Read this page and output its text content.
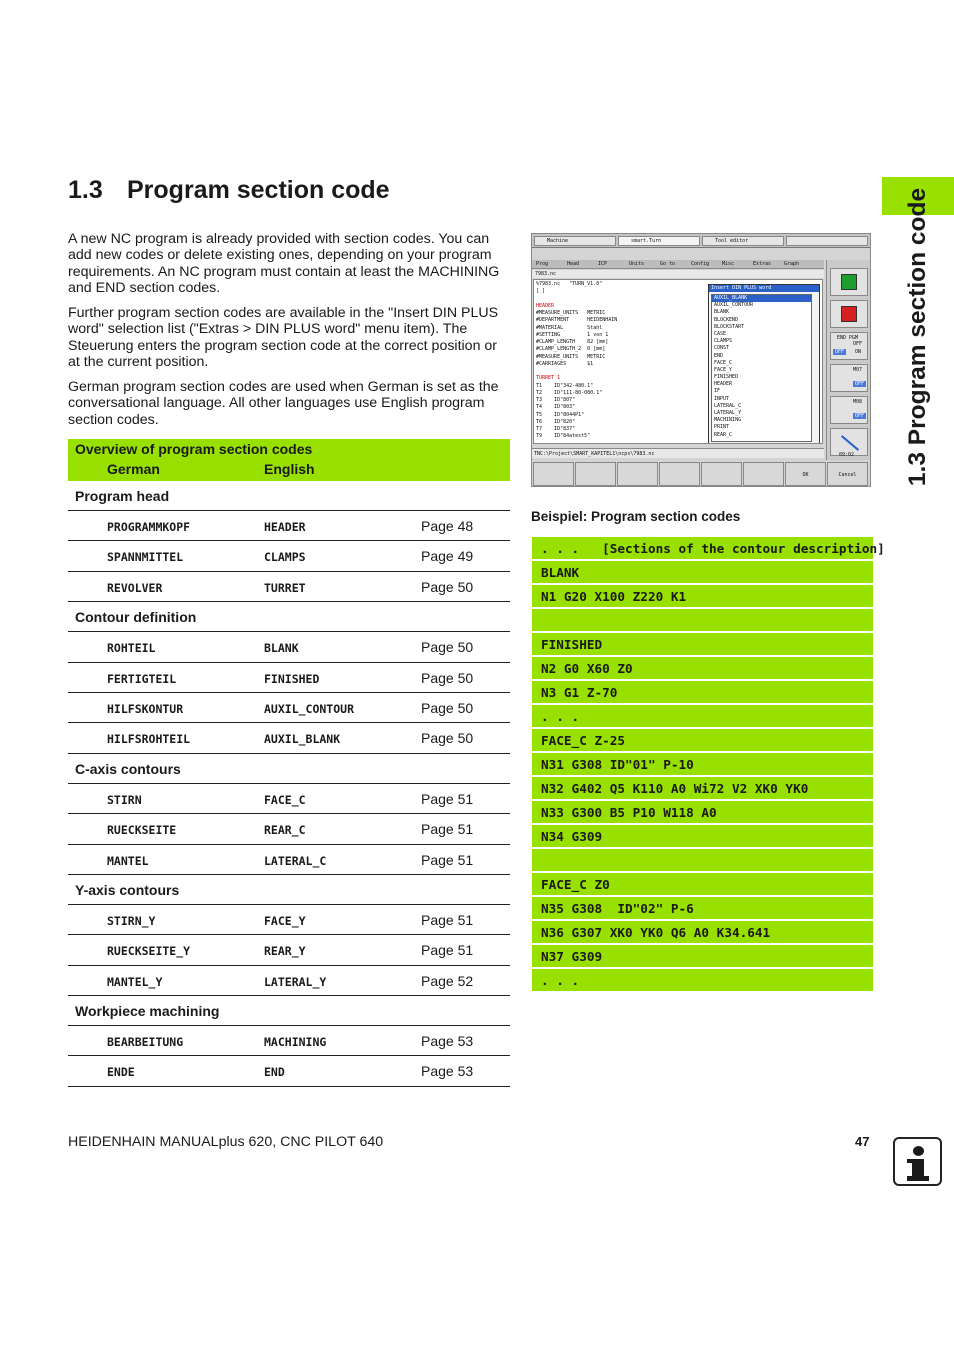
1.3 Program section code

A new NC program is already provided with section codes. You can add new codes or delete existing ones, depending on your program requirements. An NC program must contain at least the MACHINING and END section codes.

Further program section codes are available in the "Insert DIN PLUS word" selection list ("Extras > DIN PLUS word" menu item). The Steuerung enters the program section code at the correct position or at the current position.

German program section codes are used when German is set as the conversational language. All other languages use English program section codes.

Overview of program section codes
German	English
Program head
PROGRAMMKOPF	HEADER	Page 48
SPANNMITTEL	CLAMPS	Page 49
REVOLVER	TURRET	Page 50
Contour definition
ROHTEIL	BLANK	Page 50
FERTIGTEIL	FINISHED	Page 50
HILFSKONTUR	AUXIL_CONTOUR	Page 50
HILFSROHTEIL	AUXIL_BLANK	Page 50
C-axis contours
STIRN	FACE_C	Page 51
RUECKSEITE	REAR_C	Page 51
MANTEL	LATERAL_C	Page 51
Y-axis contours
STIRN_Y	FACE_Y	Page 51
RUECKSEITE_Y	REAR_Y	Page 51
MANTEL_Y	LATERAL_Y	Page 52
Workpiece machining
BEARBEITUNG	MACHINING	Page 53
ENDE	END	Page 53
Machine	smart.Turn	Tool editor
Prog	Head	ICP	Units	Go to	Config	Misc	Extras	Graph
7983.nc
%7983.nc   "TURN_V1.0"
[ ]
HEADER
#MEASURE_UNITS   METRIC
#DEPARTMENT      HEIDENHAIN
#MATERIAL        Stahl
#SETTING         1 von 1
#CLAMP_LENGTH    82 [mm]
#CLAMP_LENGTH_2  0 [mm]
#MEASURE_UNITS   METRIC
#CARRIAGES       $1
TURRET 1
T1    ID"342-480.1"
T2    ID"111-80-080.1"
T3    ID"807"
T4    ID"803"
T5    ID"8044P1"
T6    ID"820"
T7    ID"837"
T9    ID"84atest5"
Insert DIN PLUS word
AUXIL_BLANK
AUXIL_CONTOUR
BLANK
BLOCKEND
BLOCKSTART
CASE
CLAMPS
CONST
END
FACE_C
FACE_Y
FINISHED
HEADER
IF
INPUT
LATERAL_C
LATERAL_Y
MACHINING
PRINT
REAR_C
TNC:\Project\SMART_KAPITEL1\ncps\7983.nc
OK	Cancel
END PGM
OFF
OFF	ON
M07
OFF
M08
OFF
09:02
Beispiel: Program section codes
. . .   [Sections of the contour description]
BLANK
N1 G20 X100 Z220 K1
FINISHED
N2 G0 X60 Z0
N3 G1 Z-70
. . .
FACE_C Z-25
N31 G308 ID"01" P-10
N32 G402 Q5 K110 A0 Wi72 V2 XK0 YK0
N33 G300 B5 P10 W118 A0
N34 G309
FACE_C Z0
N35 G308  ID"02" P-6
N36 G307 XK0 YK0 Q6 A0 K34.641
N37 G309
. . .
1.3 Program section code
HEIDENHAIN MANUALplus 620, CNC PILOT 640	47
